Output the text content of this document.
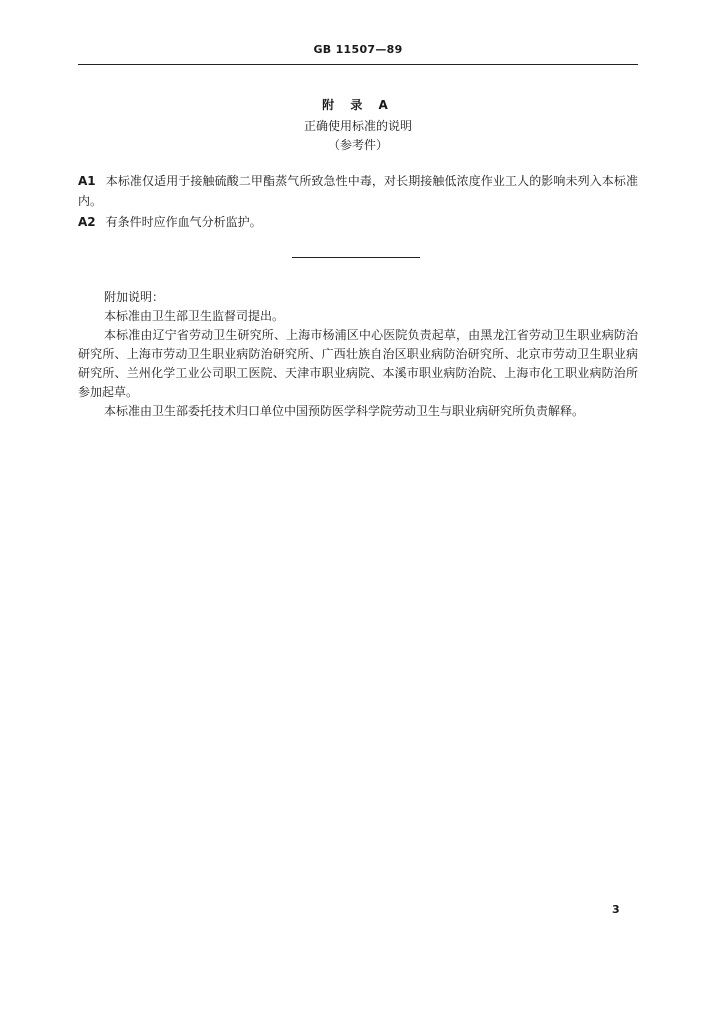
GB 11507—89
附 录 A
正确使用标准的说明
（参考件）
A1 本标准仅适用于接触硫酸二甲酯蒸气所致急性中毒，对长期接触低浓度作业工人的影响未列入本标准内。
A2 有条件时应作血气分析监护。
附加说明：

本标准由卫生部卫生监督司提出。

本标准由辽宁省劳动卫生研究所、上海市杨浦区中心医院负责起草，由黑龙江省劳动卫生职业病防治研究所、上海市劳动卫生职业病防治研究所、广西壮族自治区职业病防治研究所、北京市劳动卫生职业病研究所、兰州化学工业公司职工医院、天津市职业病院、本溪市职业病防治院、上海市化工职业病防治所参加起草。

本标准由卫生部委托技术归口单位中国预防医学科学院劳动卫生与职业病研究所负责解释。

3
